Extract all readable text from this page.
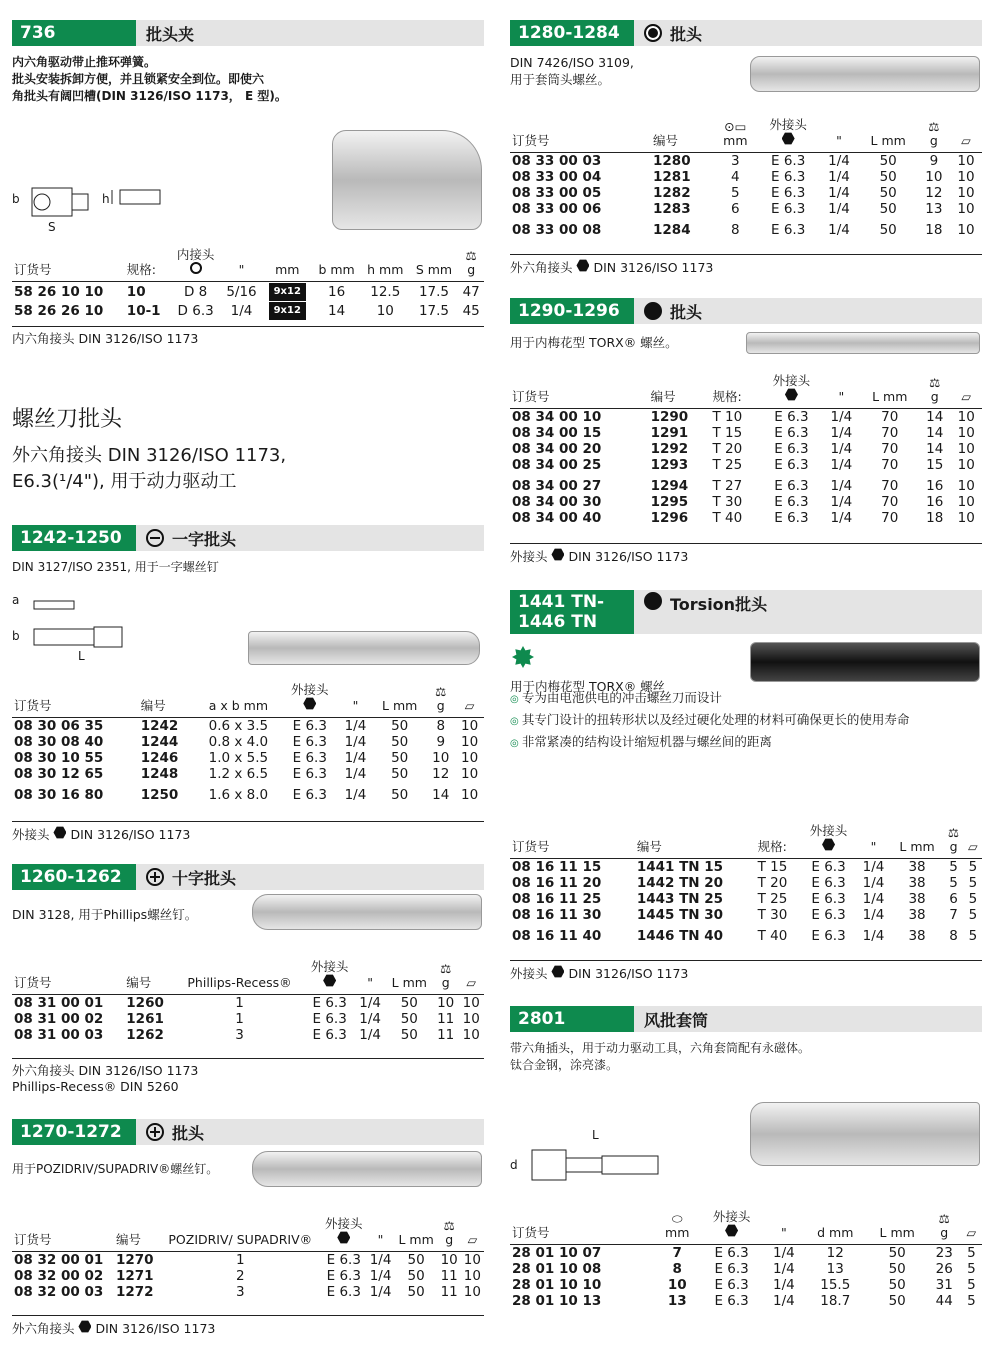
736	批头夹
内六角驱动带止推环弹簧。
批头安装拆卸方便，并且锁紧安全到位。即使六
角批头有阔凹槽(DIN 3126/ISO 1173， E 型)。
b
S
h
订货号	规格:	内接头	"	mm	b mm	h mm	S mm	⚖
g
58 26 10 10	10	D 8	5/16	9x12	16	12.5	17.5	47
58 26 26 10	10-1	D 6.3	1/4	9x12	14	10	17.5	45
内六角接头 DIN 3126/ISO 1173
螺丝刀批头

外六角接头 DIN 3126/ISO 1173,

E6.3(¹/4"), 用于动力驱动工

1242-1250	一字批头
DIN 3127/ISO 2351, 用于一字螺丝钉
a
b
L
订货号	编号	a x b mm	外接头	"	L mm	⚖
g	▱
08 30 06 35	1242	0.6 x 3.5	E 6.3	1/4	50	8	10
08 30 08 40	1244	0.8 x 4.0	E 6.3	1/4	50	9	10
08 30 10 55	1246	1.0 x 5.5	E 6.3	1/4	50	10	10
08 30 12 65	1248	1.2 x 6.5	E 6.3	1/4	50	12	10
08 30 16 80	1250	1.6 x 8.0	E 6.3	1/4	50	14	10
外接头  DIN 3126/ISO 1173
1260-1262	十字批头
DIN 3128, 用于Phillips螺丝钉。
订货号	编号	Phillips-Recess®	外接头	"	L mm	⚖
g	▱
08 31 00 01	1260	1	E 6.3	1/4	50	10	10
08 31 00 02	1261	1	E 6.3	1/4	50	11	10
08 31 00 03	1262	3	E 6.3	1/4	50	11	10
外六角接头 DIN 3126/ISO 1173
Phillips-Recess® DIN 5260
1270-1272	批头
用于POZIDRIV/SUPADRIV®螺丝钉。
订货号	编号	POZIDRIV/ SUPADRIV®	外接头	"	L mm	⚖
g	▱
08 32 00 01	1270	1	E 6.3	1/4	50	10	10
08 32 00 02	1271	2	E 6.3	1/4	50	11	10
08 32 00 03	1272	3	E 6.3	1/4	50	11	10
外六角接头  DIN 3126/ISO 1173
1280-1284	批头
DIN 7426/ISO 3109,
用于套筒头螺丝。
订货号	编号	⊙▭
mm	外接头	"	L mm	⚖
g	▱
08 33 00 03	1280	3	E 6.3	1/4	50	9	10
08 33 00 04	1281	4	E 6.3	1/4	50	10	10
08 33 00 05	1282	5	E 6.3	1/4	50	12	10
08 33 00 06	1283	6	E 6.3	1/4	50	13	10
08 33 00 08	1284	8	E 6.3	1/4	50	18	10
外六角接头  DIN 3126/ISO 1173
1290-1296	批头
用于内梅花型 TORX® 螺丝。
订货号	编号	规格:	外接头	"	L mm	⚖
g	▱
08 34 00 10	1290	T 10	E 6.3	1/4	70	14	10
08 34 00 15	1291	T 15	E 6.3	1/4	70	14	10
08 34 00 20	1292	T 20	E 6.3	1/4	70	14	10
08 34 00 25	1293	T 25	E 6.3	1/4	70	15	10
08 34 00 27	1294	T 27	E 6.3	1/4	70	16	10
08 34 00 30	1295	T 30	E 6.3	1/4	70	16	10
08 34 00 40	1296	T 40	E 6.3	1/4	70	18	10
外接头  DIN 3126/ISO 1173
1441 TN-
1446 TN
Torsion批头
用于内梅花型 TORX® 螺丝
◎ 专为由电池供电的冲击螺丝刀而设计
◎ 其专门设计的扭转形状以及经过硬化处理的材料可确保更长的使用寿命
◎ 非常紧凑的结构设计缩短机器与螺丝间的距离
订货号	编号	规格:	外接头	"	L mm	⚖
g	▱
08 16 11 15	1441 TN 15	T 15	E 6.3	1/4	38	5	5
08 16 11 20	1442 TN 20	T 20	E 6.3	1/4	38	5	5
08 16 11 25	1443 TN 25	T 25	E 6.3	1/4	38	6	5
08 16 11 30	1445 TN 30	T 30	E 6.3	1/4	38	7	5
08 16 11 40	1446 TN 40	T 40	E 6.3	1/4	38	8	5
外接头  DIN 3126/ISO 1173
2801	风批套筒
带六角插头，用于动力驱动工具，六角套筒配有永磁体。
钛合金钢，涂亮漆。
L
d
订货号	⬭
mm	外接头	"	d mm	L mm	⚖
g	▱
28 01 10 07	7	E 6.3	1/4	12	50	23	5
28 01 10 08	8	E 6.3	1/4	13	50	26	5
28 01 10 10	10	E 6.3	1/4	15.5	50	31	5
28 01 10 13	13	E 6.3	1/4	18.7	50	44	5
